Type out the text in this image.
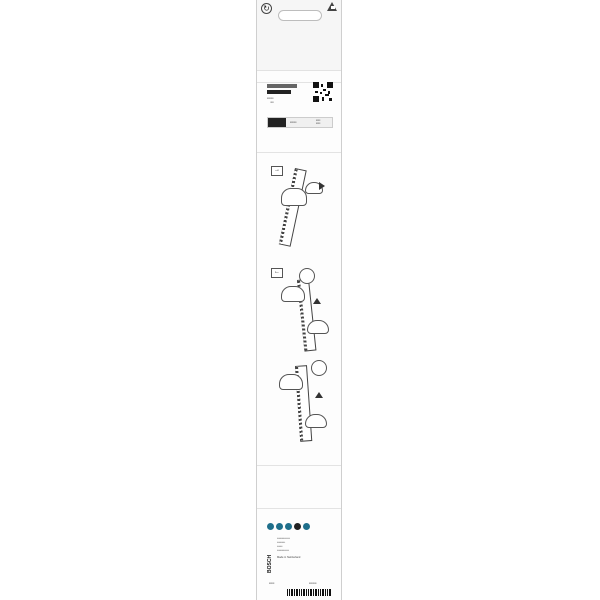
↻
▪▪▪▪▪▪
▪▪▪
▪▪▪▪▪▪	▪▪▪▪
▪▪▪▪
→
←
BOSCH
▪▪▪▪▪▪▪▪▪▪▪▪▪▪
▪▪▪▪▪▪▪▪▪
▪▪▪▪▪▪
▪▪▪▪▪▪▪▪▪▪▪▪▪
Made in Switzerland
▪▪▪▪▪	▪▪▪▪▪▪▪
